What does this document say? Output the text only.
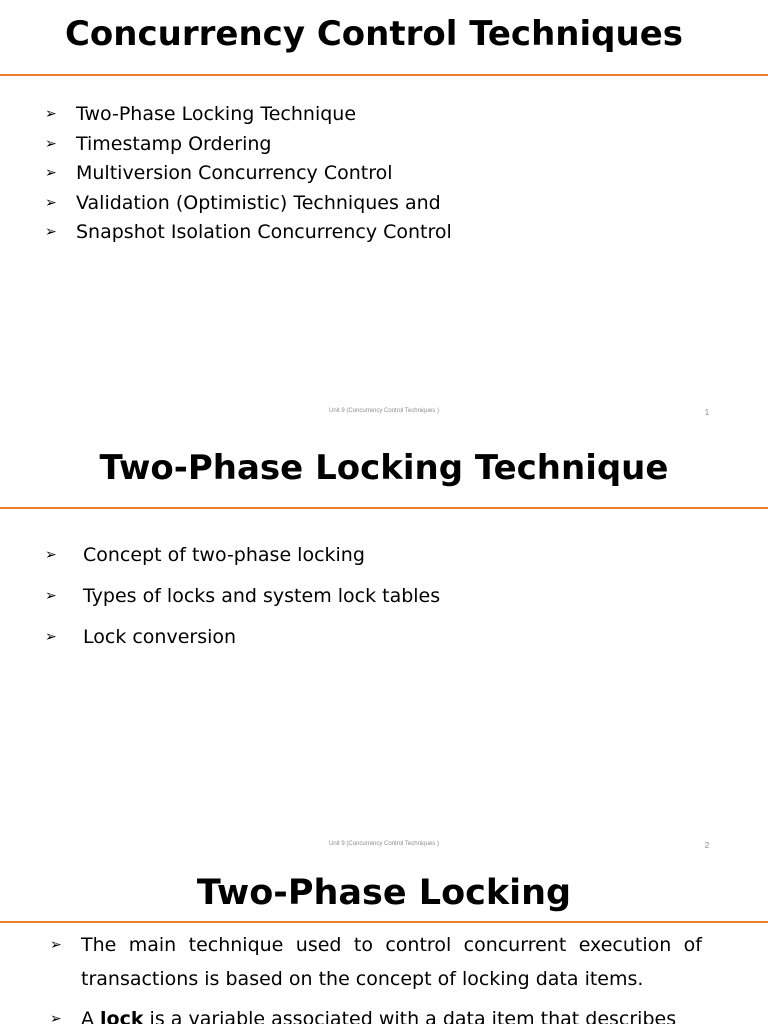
Concurrency Control Techniques
➢ Two-Phase Locking Technique
➢ Timestamp Ordering
➢ Multiversion Concurrency Control
➢ Validation (Optimistic) Techniques and
➢ Snapshot Isolation Concurrency Control
Unit 9 (Concurrency Control Techniques )	1
Two-Phase Locking Technique
➢ Concept of two-phase locking
➢ Types of locks and system lock tables
➢ Lock conversion
Unit 9 (Concurrency Control Techniques )	2
Two-Phase Locking
➢ The main technique used to control concurrent execution of transactions is based on the concept of locking data items.
➢ A lock is a variable associated with a data item that describes
